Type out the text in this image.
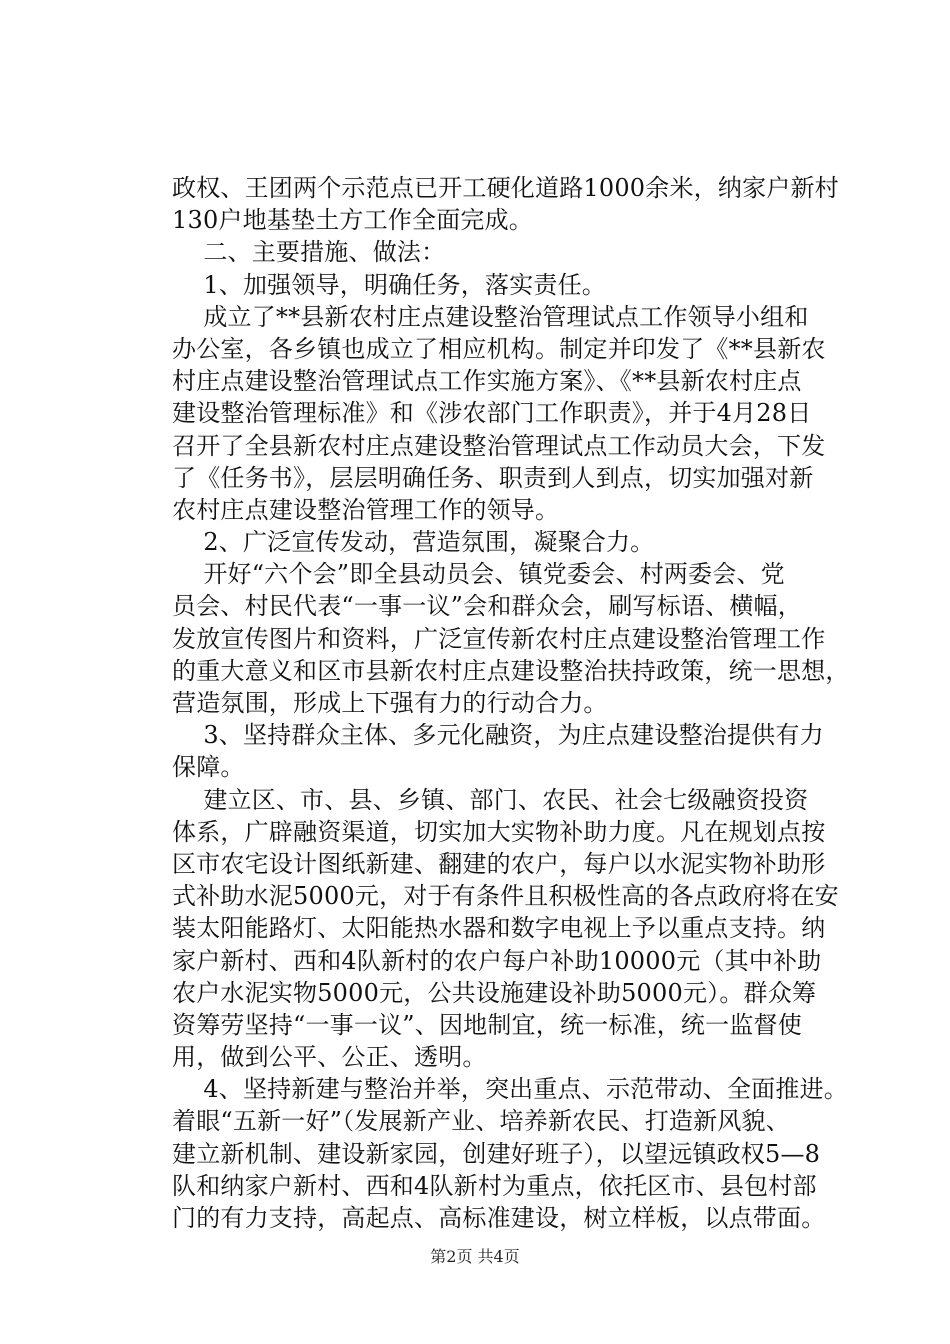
政权、王团两个示范点已开工硬化道路1000余米，纳家户新村
130户地基垫土方工作全面完成。
二、主要措施、做法：
1、加强领导，明确任务，落实责任。
成立了**县新农村庄点建设整治管理试点工作领导小组和
办公室，各乡镇也成立了相应机构。制定并印发了《**县新农
村庄点建设整治管理试点工作实施方案》、《**县新农村庄点
建设整治管理标准》和《涉农部门工作职责》，并于4月28日
召开了全县新农村庄点建设整治管理试点工作动员大会，下发
了《任务书》，层层明确任务、职责到人到点，切实加强对新
农村庄点建设整治管理工作的领导。
2、广泛宣传发动，营造氛围，凝聚合力。
开好“六个会”即全县动员会、镇党委会、村两委会、党
员会、村民代表“一事一议”会和群众会，刷写标语、横幅，
发放宣传图片和资料，广泛宣传新农村庄点建设整治管理工作
的重大意义和区市县新农村庄点建设整治扶持政策，统一思想，
营造氛围，形成上下强有力的行动合力。
3、坚持群众主体、多元化融资，为庄点建设整治提供有力
保障。
建立区、市、县、乡镇、部门、农民、社会七级融资投资
体系，广辟融资渠道，切实加大实物补助力度。凡在规划点按
区市农宅设计图纸新建、翻建的农户，每户以水泥实物补助形
式补助水泥5000元，对于有条件且积极性高的各点政府将在安
装太阳能路灯、太阳能热水器和数字电视上予以重点支持。纳
家户新村、西和4队新村的农户每户补助10000元（其中补助
农户水泥实物5000元，公共设施建设补助5000元）。群众筹
资筹劳坚持“一事一议”、因地制宜，统一标准，统一监督使
用，做到公平、公正、透明。
4、坚持新建与整治并举，突出重点、示范带动、全面推进。
着眼“五新一好”（发展新产业、培养新农民、打造新风貌、
建立新机制、建设新家园，创建好班子），以望远镇政权5—8
队和纳家户新村、西和4队新村为重点，依托区市、县包村部
门的有力支持，高起点、高标准建设，树立样板，以点带面。
第2页 共4页
